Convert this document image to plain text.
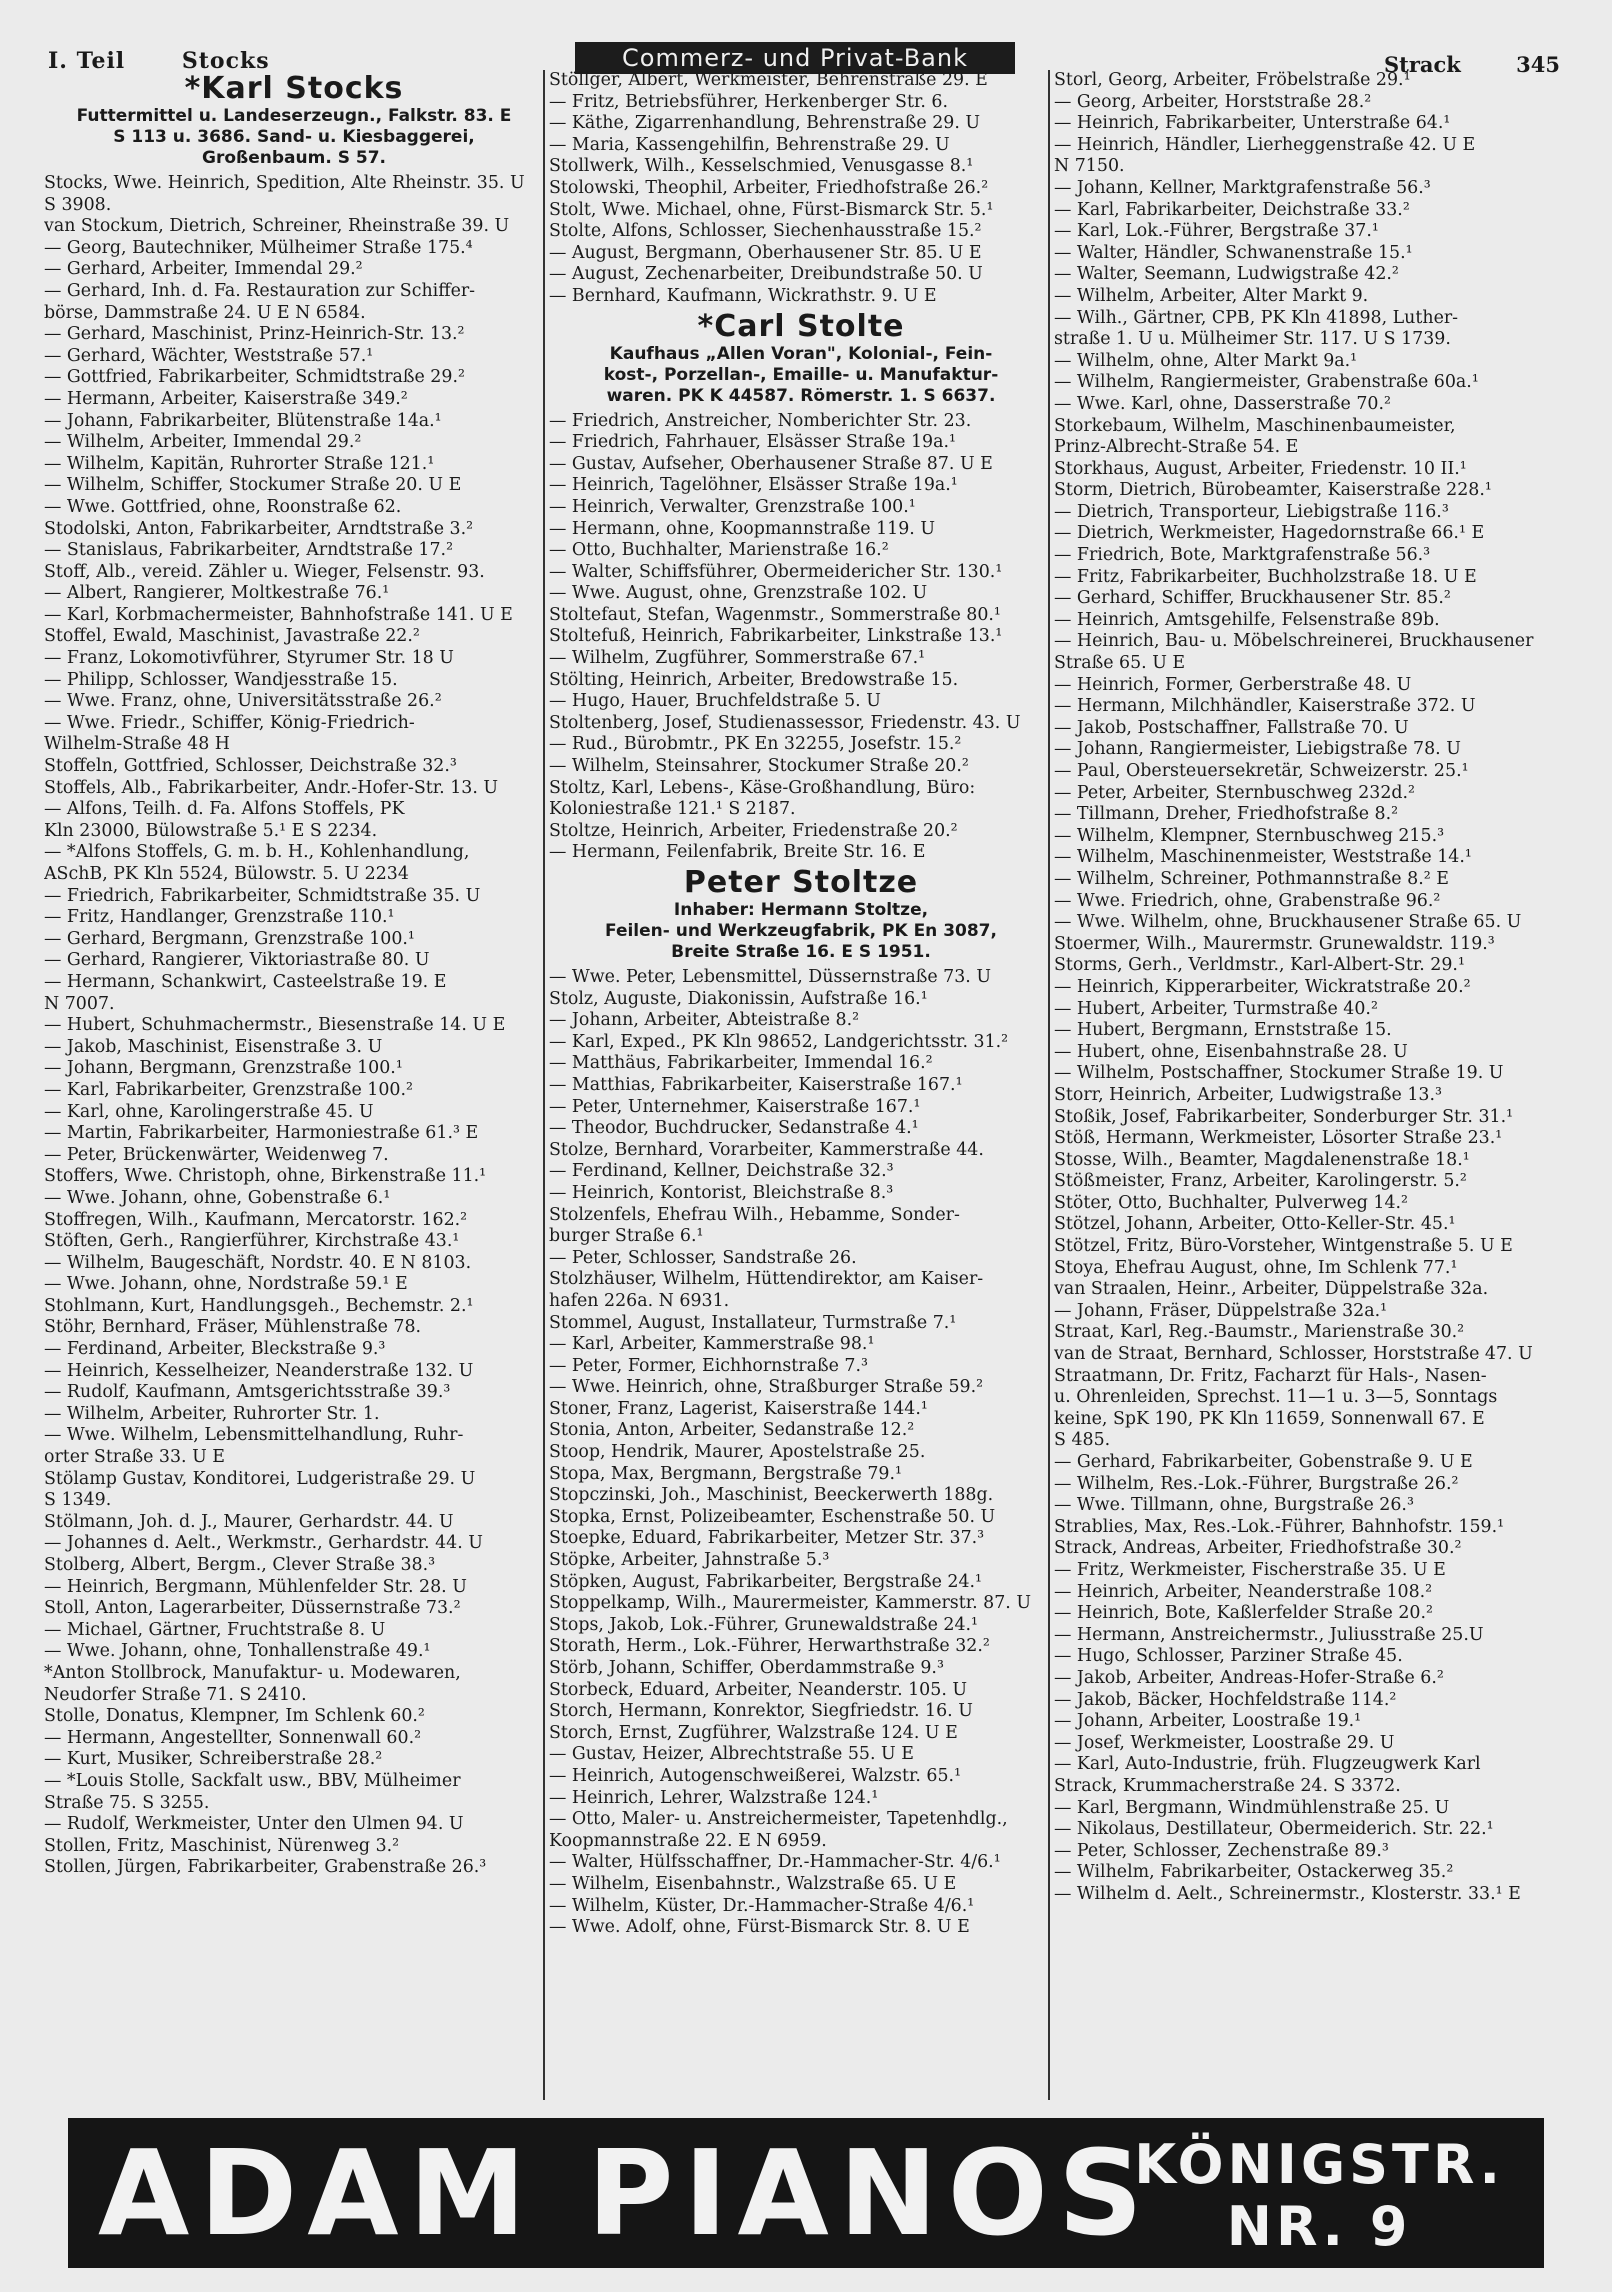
I. Teil	Stocks	Commerz- und Privat-Bank	Strack	345
*Karl Stocks
Futtermittel u. Landeserzeugn., Falkstr. 83. E
S 113 u. 3686. Sand- u. Kiesbaggerei,
Großenbaum. S 57.
Stocks, Wwe. Heinrich, Spedition, Alte Rheinstr. 35. U
S 3908.
van Stockum, Dietrich, Schreiner, Rheinstraße 39. U
— Georg, Bautechniker, Mülheimer Straße 175.⁴
— Gerhard, Arbeiter, Immendal 29.²
— Gerhard, Inh. d. Fa. Restauration zur Schiffer-
börse, Dammstraße 24. U E N 6584.
— Gerhard, Maschinist, Prinz-Heinrich-Str. 13.²
— Gerhard, Wächter, Weststraße 57.¹
— Gottfried, Fabrikarbeiter, Schmidtstraße 29.²
— Hermann, Arbeiter, Kaiserstraße 349.²
— Johann, Fabrikarbeiter, Blütenstraße 14a.¹
— Wilhelm, Arbeiter, Immendal 29.²
— Wilhelm, Kapitän, Ruhrorter Straße 121.¹
— Wilhelm, Schiffer, Stockumer Straße 20. U E
— Wwe. Gottfried, ohne, Roonstraße 62.
Stodolski, Anton, Fabrikarbeiter, Arndtstraße 3.²
— Stanislaus, Fabrikarbeiter, Arndtstraße 17.²
Stoff, Alb., vereid. Zähler u. Wieger, Felsenstr. 93.
— Albert, Rangierer, Moltkestraße 76.¹
— Karl, Korbmachermeister, Bahnhofstraße 141. U E
Stoffel, Ewald, Maschinist, Javastraße 22.²
— Franz, Lokomotivführer, Styrumer Str. 18 U
— Philipp, Schlosser, Wandjesstraße 15.
— Wwe. Franz, ohne, Universitätsstraße 26.²
— Wwe. Friedr., Schiffer, König-Friedrich-
Wilhelm-Straße 48 H
Stoffeln, Gottfried, Schlosser, Deichstraße 32.³
Stoffels, Alb., Fabrikarbeiter, Andr.-Hofer-Str. 13. U
— Alfons, Teilh. d. Fa. Alfons Stoffels, PK
Kln 23000, Bülowstraße 5.¹ E S 2234.
— *Alfons Stoffels, G. m. b. H., Kohlenhandlung,
ASchB, PK Kln 5524, Bülowstr. 5. U 2234
— Friedrich, Fabrikarbeiter, Schmidtstraße 35. U
— Fritz, Handlanger, Grenzstraße 110.¹
— Gerhard, Bergmann, Grenzstraße 100.¹
— Gerhard, Rangierer, Viktoriastraße 80. U
— Hermann, Schankwirt, Casteelstraße 19. E
N 7007.
— Hubert, Schuhmachermstr., Biesenstraße 14. U E
— Jakob, Maschinist, Eisenstraße 3. U
— Johann, Bergmann, Grenzstraße 100.¹
— Karl, Fabrikarbeiter, Grenzstraße 100.²
— Karl, ohne, Karolingerstraße 45. U
— Martin, Fabrikarbeiter, Harmoniestraße 61.³ E
— Peter, Brückenwärter, Weidenweg 7.
Stoffers, Wwe. Christoph, ohne, Birkenstraße 11.¹
— Wwe. Johann, ohne, Gobenstraße 6.¹
Stoffregen, Wilh., Kaufmann, Mercatorstr. 162.²
Stöften, Gerh., Rangierführer, Kirchstraße 43.¹
— Wilhelm, Baugeschäft, Nordstr. 40. E N 8103.
— Wwe. Johann, ohne, Nordstraße 59.¹ E
Stohlmann, Kurt, Handlungsgeh., Bechemstr. 2.¹
Stöhr, Bernhard, Fräser, Mühlenstraße 78.
— Ferdinand, Arbeiter, Bleckstraße 9.³
— Heinrich, Kesselheizer, Neanderstraße 132. U
— Rudolf, Kaufmann, Amtsgerichtsstraße 39.³
— Wilhelm, Arbeiter, Ruhrorter Str. 1.
— Wwe. Wilhelm, Lebensmittelhandlung, Ruhr-
orter Straße 33. U E
Stölamp Gustav, Konditorei, Ludgeristraße 29. U
S 1349.
Stölmann, Joh. d. J., Maurer, Gerhardstr. 44. U
— Johannes d. Aelt., Werkmstr., Gerhardstr. 44. U
Stolberg, Albert, Bergm., Clever Straße 38.³
— Heinrich, Bergmann, Mühlenfelder Str. 28. U
Stoll, Anton, Lagerarbeiter, Düssernstraße 73.²
— Michael, Gärtner, Fruchtstraße 8. U
— Wwe. Johann, ohne, Tonhallenstraße 49.¹
*Anton Stollbrock, Manufaktur- u. Modewaren,
Neudorfer Straße 71. S 2410.
Stolle, Donatus, Klempner, Im Schlenk 60.²
— Hermann, Angestellter, Sonnenwall 60.²
— Kurt, Musiker, Schreiberstraße 28.²
— *Louis Stolle, Sackfalt usw., BBV, Mülheimer
Straße 75. S 3255.
— Rudolf, Werkmeister, Unter den Ulmen 94. U
Stollen, Fritz, Maschinist, Nürenweg 3.²
Stollen, Jürgen, Fabrikarbeiter, Grabenstraße 26.³
Stöllger, Albert, Werkmeister, Behrenstraße 29. E
— Fritz, Betriebsführer, Herkenberger Str. 6.
— Käthe, Zigarrenhandlung, Behrenstraße 29. U
— Maria, Kassengehilfin, Behrenstraße 29. U
Stollwerk, Wilh., Kesselschmied, Venusgasse 8.¹
Stolowski, Theophil, Arbeiter, Friedhofstraße 26.²
Stolt, Wwe. Michael, ohne, Fürst-Bismarck Str. 5.¹
Stolte, Alfons, Schlosser, Siechenhausstraße 15.²
— August, Bergmann, Oberhausener Str. 85. U E
— August, Zechenarbeiter, Dreibundstraße 50. U
— Bernhard, Kaufmann, Wickrathstr. 9. U E
*Carl Stolte
Kaufhaus „Allen Voran", Kolonial-, Fein-
kost-, Porzellan-, Emaille- u. Manufaktur-
waren. PK K 44587. Römerstr. 1. S 6637.
— Friedrich, Anstreicher, Nomberichter Str. 23.
— Friedrich, Fahrhauer, Elsässer Straße 19a.¹
— Gustav, Aufseher, Oberhausener Straße 87. U E
— Heinrich, Tagelöhner, Elsässer Straße 19a.¹
— Heinrich, Verwalter, Grenzstraße 100.¹
— Hermann, ohne, Koopmannstraße 119. U
— Otto, Buchhalter, Marienstraße 16.²
— Walter, Schiffsführer, Obermeidericher Str. 130.¹
— Wwe. August, ohne, Grenzstraße 102. U
Stoltefaut, Stefan, Wagenmstr., Sommerstraße 80.¹
Stoltefuß, Heinrich, Fabrikarbeiter, Linkstraße 13.¹
— Wilhelm, Zugführer, Sommerstraße 67.¹
Stölting, Heinrich, Arbeiter, Bredowstraße 15.
— Hugo, Hauer, Bruchfeldstraße 5. U
Stoltenberg, Josef, Studienassessor, Friedenstr. 43. U
— Rud., Bürobmtr., PK En 32255, Josefstr. 15.²
— Wilhelm, Steinsahrer, Stockumer Straße 20.²
Stoltz, Karl, Lebens-, Käse-Großhandlung, Büro:
Koloniestraße 121.¹ S 2187.
Stoltze, Heinrich, Arbeiter, Friedenstraße 20.²
— Hermann, Feilenfabrik, Breite Str. 16. E
Peter Stoltze
Inhaber: Hermann Stoltze,
Feilen- und Werkzeugfabrik, PK En 3087,
Breite Straße 16. E S 1951.
— Wwe. Peter, Lebensmittel, Düssernstraße 73. U
Stolz, Auguste, Diakonissin, Aufstraße 16.¹
— Johann, Arbeiter, Abteistraße 8.²
— Karl, Exped., PK Kln 98652, Landgerichtsstr. 31.²
— Matthäus, Fabrikarbeiter, Immendal 16.²
— Matthias, Fabrikarbeiter, Kaiserstraße 167.¹
— Peter, Unternehmer, Kaiserstraße 167.¹
— Theodor, Buchdrucker, Sedanstraße 4.¹
Stolze, Bernhard, Vorarbeiter, Kammerstraße 44.
— Ferdinand, Kellner, Deichstraße 32.³
— Heinrich, Kontorist, Bleichstraße 8.³
Stolzenfels, Ehefrau Wilh., Hebamme, Sonder-
burger Straße 6.¹
— Peter, Schlosser, Sandstraße 26.
Stolzhäuser, Wilhelm, Hüttendirektor, am Kaiser-
hafen 226a. N 6931.
Stommel, August, Installateur, Turmstraße 7.¹
— Karl, Arbeiter, Kammerstraße 98.¹
— Peter, Former, Eichhornstraße 7.³
— Wwe. Heinrich, ohne, Straßburger Straße 59.²
Stoner, Franz, Lagerist, Kaiserstraße 144.¹
Stonia, Anton, Arbeiter, Sedanstraße 12.²
Stoop, Hendrik, Maurer, Apostelstraße 25.
Stopa, Max, Bergmann, Bergstraße 79.¹
Stopczinski, Joh., Maschinist, Beeckerwerth 188g.
Stopka, Ernst, Polizeibeamter, Eschenstraße 50. U
Stoepke, Eduard, Fabrikarbeiter, Metzer Str. 37.³
Stöpke, Arbeiter, Jahnstraße 5.³
Stöpken, August, Fabrikarbeiter, Bergstraße 24.¹
Stoppelkamp, Wilh., Maurermeister, Kammerstr. 87. U
Stops, Jakob, Lok.-Führer, Grunewaldstraße 24.¹
Storath, Herm., Lok.-Führer, Herwarthstraße 32.²
Störb, Johann, Schiffer, Oberdammstraße 9.³
Storbeck, Eduard, Arbeiter, Neanderstr. 105. U
Storch, Hermann, Konrektor, Siegfriedstr. 16. U
Storch, Ernst, Zugführer, Walzstraße 124. U E
— Gustav, Heizer, Albrechtstraße 55. U E
— Heinrich, Autogenschweißerei, Walzstr. 65.¹
— Heinrich, Lehrer, Walzstraße 124.¹
— Otto, Maler- u. Anstreichermeister, Tapetenhdlg.,
Koopmannstraße 22. E N 6959.
— Walter, Hülfsschaffner, Dr.-Hammacher-Str. 4/6.¹
— Wilhelm, Eisenbahnstr., Walzstraße 65. U E
— Wilhelm, Küster, Dr.-Hammacher-Straße 4/6.¹
— Wwe. Adolf, ohne, Fürst-Bismarck Str. 8. U E
Storl, Georg, Arbeiter, Fröbelstraße 29.¹
— Georg, Arbeiter, Horststraße 28.²
— Heinrich, Fabrikarbeiter, Unterstraße 64.¹
— Heinrich, Händler, Lierheggenstraße 42. U E
N 7150.
— Johann, Kellner, Marktgrafenstraße 56.³
— Karl, Fabrikarbeiter, Deichstraße 33.²
— Karl, Lok.-Führer, Bergstraße 37.¹
— Walter, Händler, Schwanenstraße 15.¹
— Walter, Seemann, Ludwigstraße 42.²
— Wilhelm, Arbeiter, Alter Markt 9.
— Wilh., Gärtner, CPB, PK Kln 41898, Luther-
straße 1. U u. Mülheimer Str. 117. U S 1739.
— Wilhelm, ohne, Alter Markt 9a.¹
— Wilhelm, Rangiermeister, Grabenstraße 60a.¹
— Wwe. Karl, ohne, Dasserstraße 70.²
Storkebaum, Wilhelm, Maschinenbaumeister,
Prinz-Albrecht-Straße 54. E
Storkhaus, August, Arbeiter, Friedenstr. 10 II.¹
Storm, Dietrich, Bürobeamter, Kaiserstraße 228.¹
— Dietrich, Transporteur, Liebigstraße 116.³
— Dietrich, Werkmeister, Hagedornstraße 66.¹ E
— Friedrich, Bote, Marktgrafenstraße 56.³
— Fritz, Fabrikarbeiter, Buchholzstraße 18. U E
— Gerhard, Schiffer, Bruckhausener Str. 85.²
— Heinrich, Amtsgehilfe, Felsenstraße 89b.
— Heinrich, Bau- u. Möbelschreinerei, Bruckhausener
Straße 65. U E
— Heinrich, Former, Gerberstraße 48. U
— Hermann, Milchhändler, Kaiserstraße 372. U
— Jakob, Postschaffner, Fallstraße 70. U
— Johann, Rangiermeister, Liebigstraße 78. U
— Paul, Obersteuersekretär, Schweizerstr. 25.¹
— Peter, Arbeiter, Sternbuschweg 232d.²
— Tillmann, Dreher, Friedhofstraße 8.²
— Wilhelm, Klempner, Sternbuschweg 215.³
— Wilhelm, Maschinenmeister, Weststraße 14.¹
— Wilhelm, Schreiner, Pothmannstraße 8.² E
— Wwe. Friedrich, ohne, Grabenstraße 96.²
— Wwe. Wilhelm, ohne, Bruckhausener Straße 65. U
Stoermer, Wilh., Maurermstr. Grunewaldstr. 119.³
Storms, Gerh., Verldmstr., Karl-Albert-Str. 29.¹
— Heinrich, Kipperarbeiter, Wickratstraße 20.²
— Hubert, Arbeiter, Turmstraße 40.²
— Hubert, Bergmann, Ernststraße 15.
— Hubert, ohne, Eisenbahnstraße 28. U
— Wilhelm, Postschaffner, Stockumer Straße 19. U
Storr, Heinrich, Arbeiter, Ludwigstraße 13.³
Stoßik, Josef, Fabrikarbeiter, Sonderburger Str. 31.¹
Stöß, Hermann, Werkmeister, Lösorter Straße 23.¹
Stosse, Wilh., Beamter, Magdalenenstraße 18.¹
Stößmeister, Franz, Arbeiter, Karolingerstr. 5.²
Stöter, Otto, Buchhalter, Pulverweg 14.²
Stötzel, Johann, Arbeiter, Otto-Keller-Str. 45.¹
Stötzel, Fritz, Büro-Vorsteher, Wintgenstraße 5. U E
Stoya, Ehefrau August, ohne, Im Schlenk 77.¹
van Straalen, Heinr., Arbeiter, Düppelstraße 32a.
— Johann, Fräser, Düppelstraße 32a.¹
Straat, Karl, Reg.-Baumstr., Marienstraße 30.²
van de Straat, Bernhard, Schlosser, Horststraße 47. U
Straatmann, Dr. Fritz, Facharzt für Hals-, Nasen-
u. Ohrenleiden, Sprechst. 11—1 u. 3—5, Sonntags
keine, SpK 190, PK Kln 11659, Sonnenwall 67. E
S 485.
— Gerhard, Fabrikarbeiter, Gobenstraße 9. U E
— Wilhelm, Res.-Lok.-Führer, Burgstraße 26.²
— Wwe. Tillmann, ohne, Burgstraße 26.³
Strablies, Max, Res.-Lok.-Führer, Bahnhofstr. 159.¹
Strack, Andreas, Arbeiter, Friedhofstraße 30.²
— Fritz, Werkmeister, Fischerstraße 35. U E
— Heinrich, Arbeiter, Neanderstraße 108.²
— Heinrich, Bote, Kaßlerfelder Straße 20.²
— Hermann, Anstreichermstr., Juliusstraße 25.U
— Hugo, Schlosser, Parziner Straße 45.
— Jakob, Arbeiter, Andreas-Hofer-Straße 6.²
— Jakob, Bäcker, Hochfeldstraße 114.²
— Johann, Arbeiter, Loostraße 19.¹
— Josef, Werkmeister, Loostraße 29. U
— Karl, Auto-Industrie, früh. Flugzeugwerk Karl
Strack, Krummacherstraße 24. S 3372.
— Karl, Bergmann, Windmühlenstraße 25. U
— Nikolaus, Destillateur, Obermeiderich. Str. 22.¹
— Peter, Schlosser, Zechenstraße 89.³
— Wilhelm, Fabrikarbeiter, Ostackerweg 35.²
— Wilhelm d. Aelt., Schreinermstr., Klosterstr. 33.¹ E
ADAM PIANOS
KÖNIGSTR.
NR. 9
